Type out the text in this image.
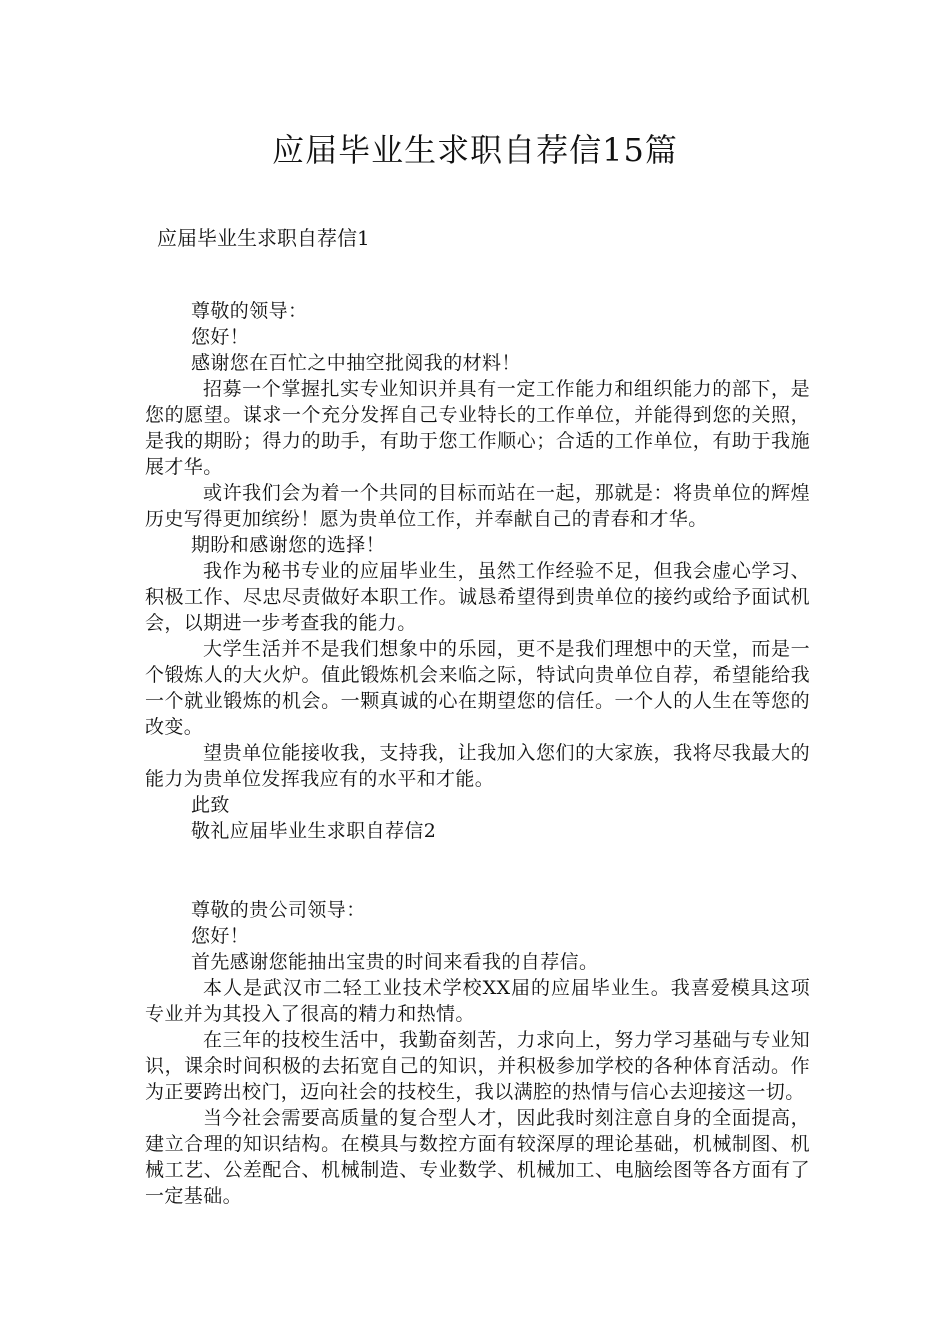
应届毕业生求职自荐信15篇
应届毕业生求职自荐信1
尊敬的领导：
您好！
感谢您在百忙之中抽空批阅我的材料！

招募一个掌握扎实专业知识并具有一定工作能力和组织能力的部下，是您的愿望。谋求一个充分发挥自己专业特长的工作单位，并能得到您的关照，是我的期盼；得力的助手，有助于您工作顺心；合适的工作单位，有助于我施展才华。

或许我们会为着一个共同的目标而站在一起，那就是：将贵单位的辉煌历史写得更加缤纷！愿为贵单位工作，并奉献自己的青春和才华。

期盼和感谢您的选择！

我作为秘书专业的应届毕业生，虽然工作经验不足，但我会虚心学习、积极工作、尽忠尽责做好本职工作。诚恳希望得到贵单位的接约或给予面试机会，以期进一步考查我的能力。

大学生活并不是我们想象中的乐园，更不是我们理想中的天堂，而是一个锻炼人的大火炉。值此锻炼机会来临之际，特试向贵单位自荐，希望能给我一个就业锻炼的机会。一颗真诚的心在期望您的信任。一个人的人生在等您的改变。

望贵单位能接收我，支持我，让我加入您们的大家族，我将尽我最大的能力为贵单位发挥我应有的水平和才能。

此致
敬礼应届毕业生求职自荐信2
尊敬的贵公司领导：
您好！
首先感谢您能抽出宝贵的时间来看我的自荐信。

本人是武汉市二轻工业技术学校XX届的应届毕业生。我喜爱模具这项专业并为其投入了很高的精力和热情。

在三年的技校生活中，我勤奋刻苦，力求向上，努力学习基础与专业知识，课余时间积极的去拓宽自己的知识，并积极参加学校的各种体育活动。作为正要跨出校门，迈向社会的技校生，我以满腔的热情与信心去迎接这一切。

当今社会需要高质量的复合型人才，因此我时刻注意自身的全面提高，建立合理的知识结构。在模具与数控方面有较深厚的理论基础，机械制图、机械工艺、公差配合、机械制造、专业数学、机械加工、电脑绘图等各方面有了一定基础。
